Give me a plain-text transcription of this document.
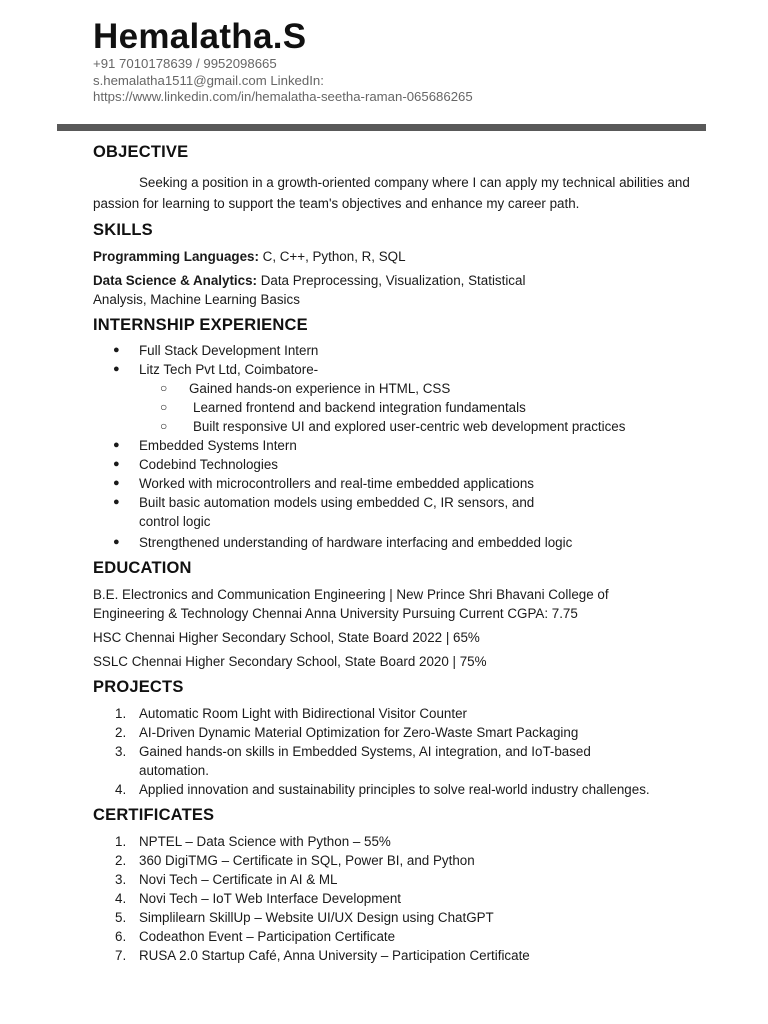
Hemalatha.S

+91 7010178639 / 9952098665

s.hemalatha1511@gmail.com LinkedIn:

https://www.linkedin.com/in/hemalatha-seetha-raman-065686265

OBJECTIVE

Seeking a position in a growth-oriented company where I can apply my technical abilities and passion for learning to support the team's objectives and enhance my career path.

SKILLS

Programming Languages: C, C++, Python, R, SQL

Data Science & Analytics: Data Preprocessing, Visualization, Statistical Analysis, Machine Learning Basics

INTERNSHIP EXPERIENCE
● Full Stack Development Intern
● Litz Tech Pvt Ltd, Coimbatore-
○ Gained hands-on experience in HTML, CSS
○ Learned frontend and backend integration fundamentals
○ Built responsive UI and explored user-centric web development practices
● Embedded Systems Intern
● Codebind Technologies
● Worked with microcontrollers and real-time embedded applications
● Built basic automation models using embedded C, IR sensors, and control logic
● Strengthened understanding of hardware interfacing and embedded logic
EDUCATION

B.E. Electronics and Communication Engineering | New Prince Shri Bhavani College of Engineering & Technology Chennai Anna University Pursuing Current CGPA: 7.75

HSC Chennai Higher Secondary School, State Board 2022 | 65%

SSLC Chennai Higher Secondary School, State Board 2020 | 75%

PROJECTS
1. Automatic Room Light with Bidirectional Visitor Counter
2. AI-Driven Dynamic Material Optimization for Zero-Waste Smart Packaging
3. Gained hands-on skills in Embedded Systems, AI integration, and IoT-based automation.
4. Applied innovation and sustainability principles to solve real-world industry challenges.
CERTIFICATES
1. NPTEL – Data Science with Python – 55%
2. 360 DigiTMG – Certificate in SQL, Power BI, and Python
3. Novi Tech – Certificate in AI & ML
4. Novi Tech – IoT Web Interface Development
5. Simplilearn SkillUp – Website UI/UX Design using ChatGPT
6. Codeathon Event – Participation Certificate
7. RUSA 2.0 Startup Café, Anna University – Participation Certificate
